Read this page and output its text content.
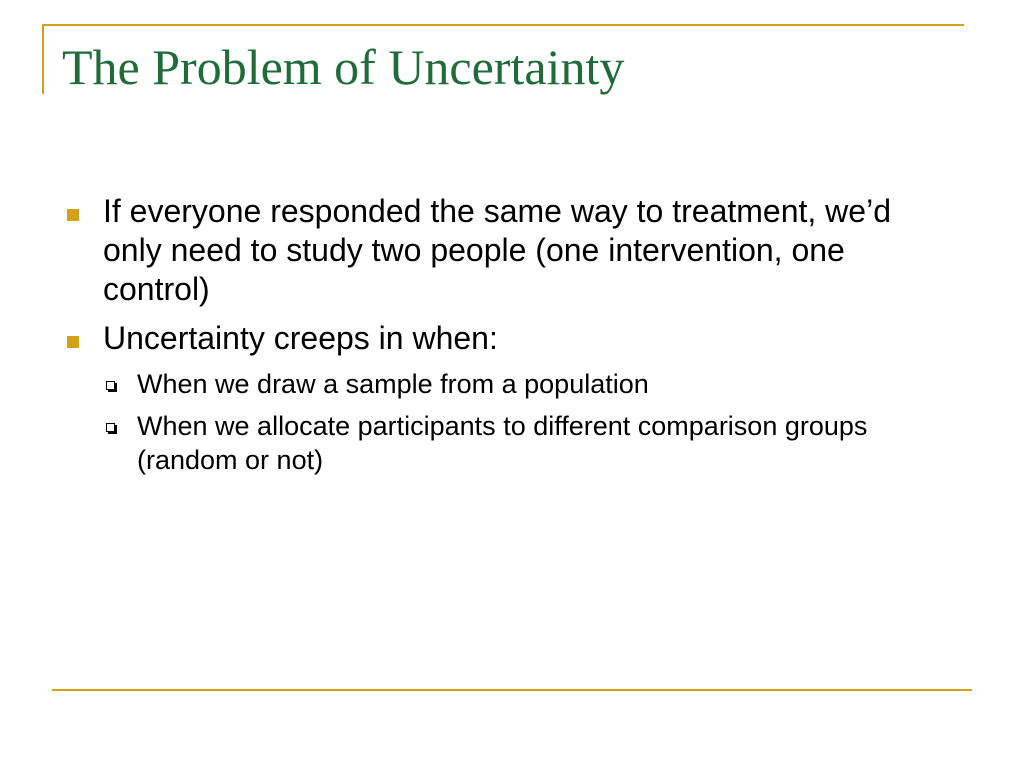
The Problem of Uncertainty
If everyone responded the same way to treatment, we’d only need to study two people (one intervention, one control)
Uncertainty creeps in when:
When we draw a sample from a population
When we allocate participants to different comparison groups (random or not)
